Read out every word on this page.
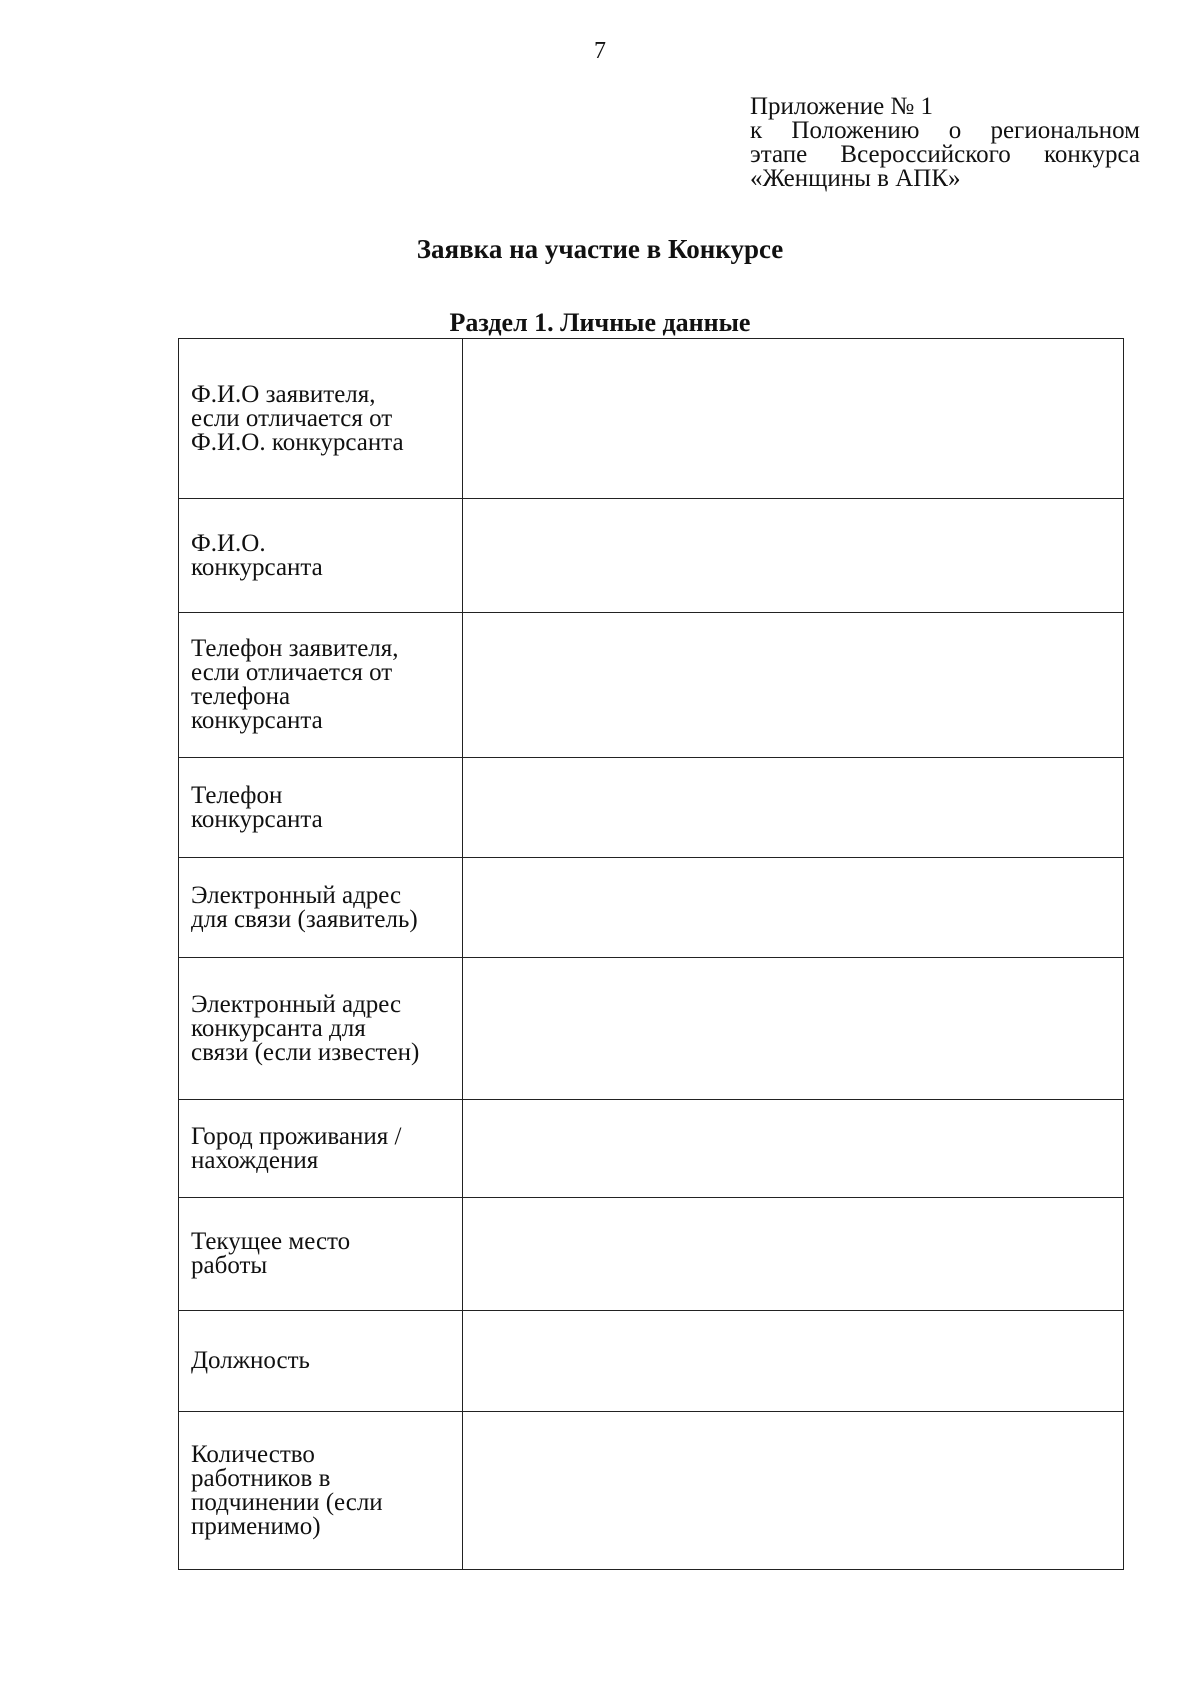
7
Приложение № 1
к Положению о региональном
этапе Всероссийского конкурса
«Женщины в АПК»
Заявка на участие в Конкурсе
Раздел 1. Личные данные
Ф.И.О заявителя,
если отличается от
Ф.И.О. конкурсанта	

Ф.И.О.
конкурсанта	

Телефон заявителя,
если отличается от
телефона
конкурсанта	

Телефон
конкурсанта	

Электронный адрес
для связи (заявитель)	

Электронный адрес
конкурсанта для
связи (если известен)	

Город проживания /
нахождения	

Текущее место
работы	

Должность	

Количество
работников в
подчинении (если
применимо)	
